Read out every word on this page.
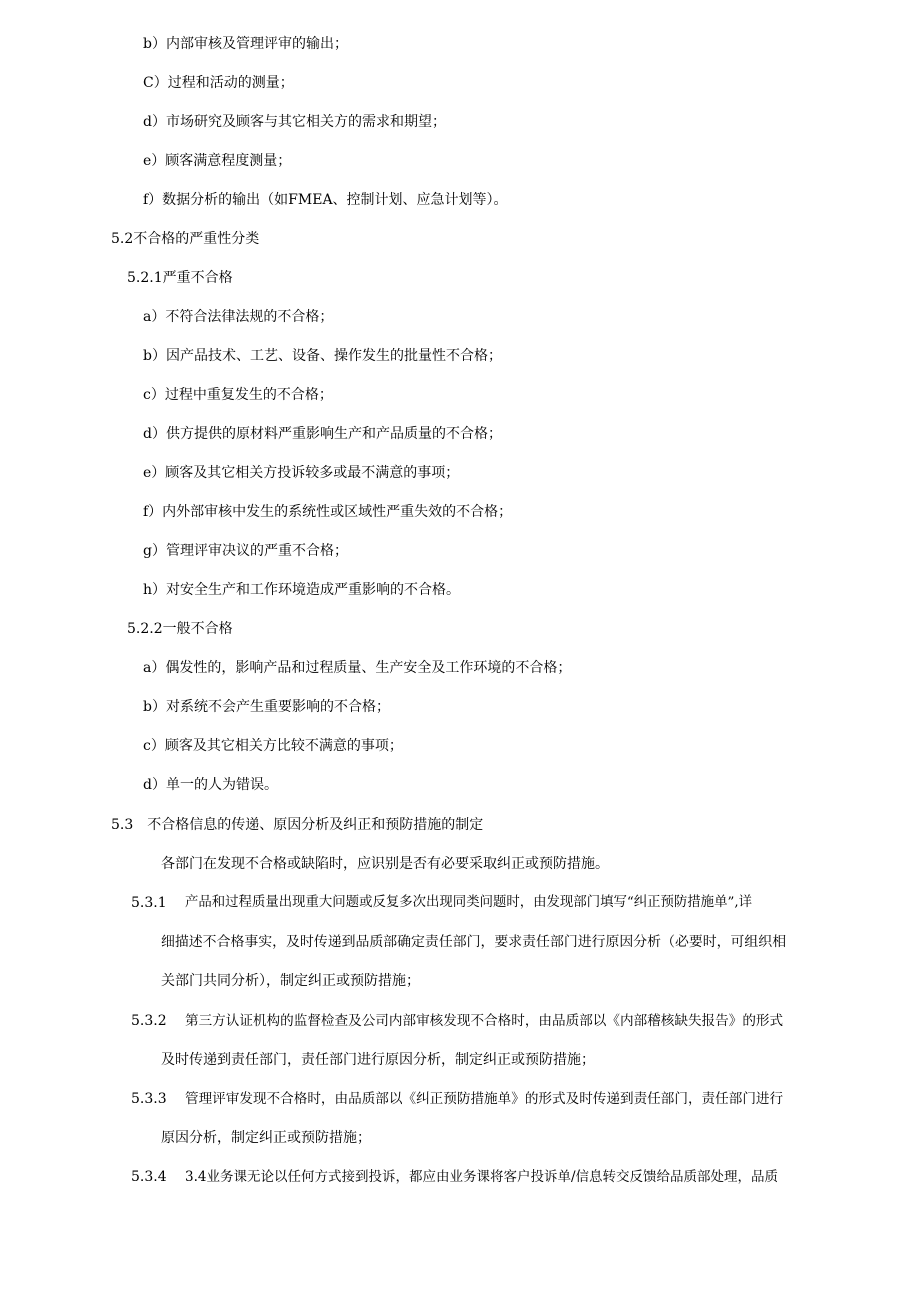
b）内部审核及管理评审的输出；
C）过程和活动的测量；
d）市场研究及顾客与其它相关方的需求和期望；
e）顾客满意程度测量；
f）数据分析的输出（如FMEA、控制计划、应急计划等）。
5.2不合格的严重性分类
5.2.1严重不合格
a）不符合法律法规的不合格；
b）因产品技术、工艺、设备、操作发生的批量性不合格；
c）过程中重复发生的不合格；
d）供方提供的原材料严重影响生产和产品质量的不合格；
e）顾客及其它相关方投诉较多或最不满意的事项；
f）内外部审核中发生的系统性或区域性严重失效的不合格；
g）管理评审决议的严重不合格；
h）对安全生产和工作环境造成严重影响的不合格。
5.2.2一般不合格
a）偶发性的，影响产品和过程质量、生产安全及工作环境的不合格；
b）对系统不会产生重要影响的不合格；
c）顾客及其它相关方比较不满意的事项；
d）单一的人为错误。
5.3　不合格信息的传递、原因分析及纠正和预防措施的制定
各部门在发现不合格或缺陷时，应识别是否有必要采取纠正或预防措施。
5.3.1 产品和过程质量出现重大问题或反复多次出现同类问题时，由发现部门填写“纠正预防措施单”,详
细描述不合格事实，及时传递到品质部确定责任部门，要求责任部门进行原因分析（必要时，可组织相
关部门共同分析），制定纠正或预防措施；
5.3.2 第三方认证机构的监督检查及公司内部审核发现不合格时，由品质部以《内部稽核缺失报告》的形式
及时传递到责任部门，责任部门进行原因分析，制定纠正或预防措施；
5.3.3 管理评审发现不合格时，由品质部以《纠正预防措施单》的形式及时传递到责任部门，责任部门进行
原因分析，制定纠正或预防措施；
5.3.4 3.4业务课无论以任何方式接到投诉，都应由业务课将客户投诉单/信息转交反馈给品质部处理，品质
